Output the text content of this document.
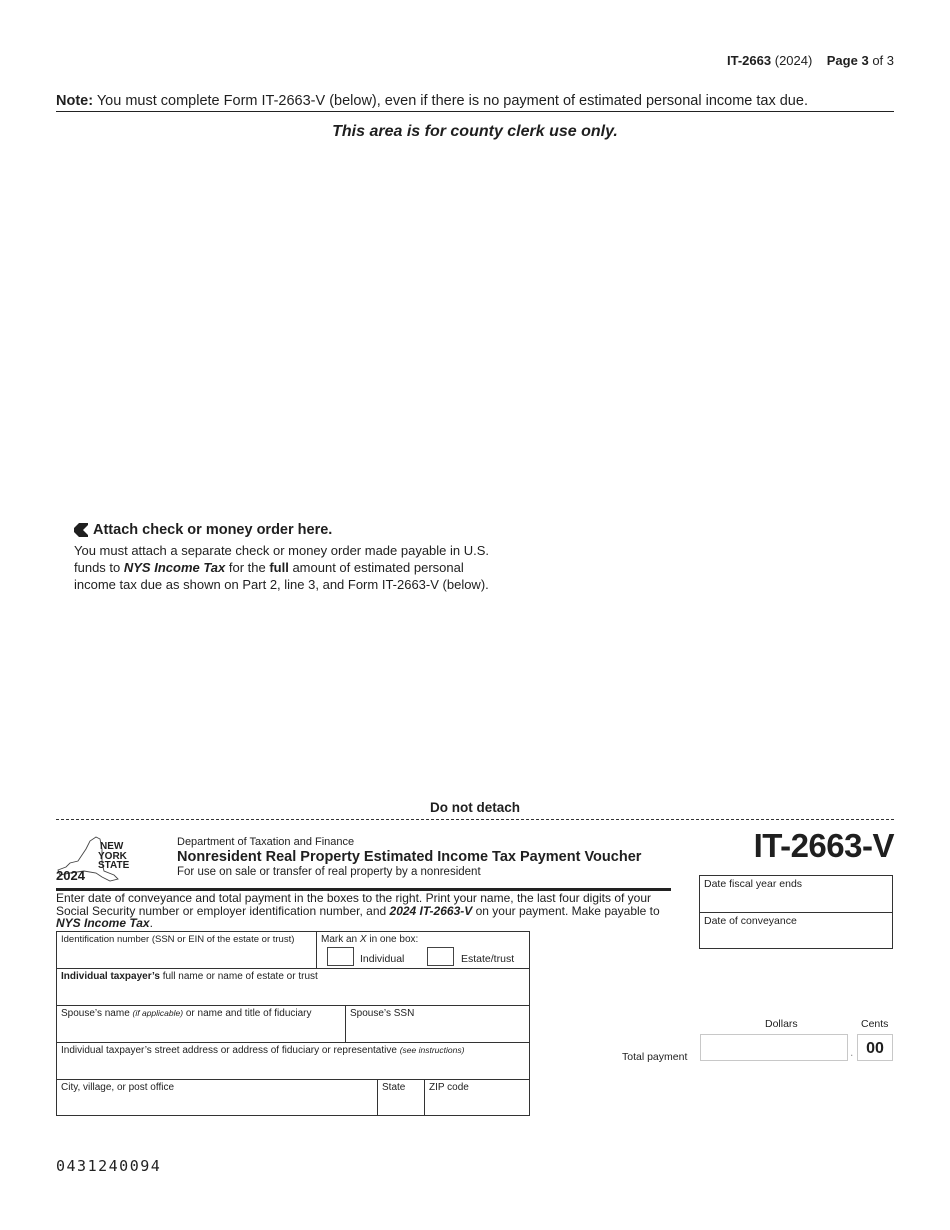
IT-2663 (2024) Page 3 of 3
Note: You must complete Form IT-2663-V (below), even if there is no payment of estimated personal income tax due.
This area is for county clerk use only.
Attach check or money order here.
You must attach a separate check or money order made payable in U.S. funds to NYS Income Tax for the full amount of estimated personal income tax due as shown on Part 2, line 3, and Form IT-2663-V (below).
Do not detach
NEW
YORK
STATE
2024
Department of Taxation and Finance
Nonresident Real Property Estimated Income Tax Payment Voucher
For use on sale or transfer of real property by a nonresident
IT-2663-V
Enter date of conveyance and total payment in the boxes to the right. Print your name, the last four digits of your Social Security number or employer identification number, and 2024 IT-2663-V on your payment. Make payable to NYS Income Tax.
Identification number (SSN or EIN of the estate or trust)	Mark an X in one box:
Individual	Estate/trust
Individual taxpayer’s full name or name of estate or trust
Spouse’s name (if applicable) or name and title of fiduciary	Spouse’s SSN
Individual taxpayer’s street address or address of fiduciary or representative (see instructions)
City, village, or post office	State	ZIP code
Date fiscal year ends
Date of conveyance
Dollars	Cents
Total payment	. 00
0431240094
